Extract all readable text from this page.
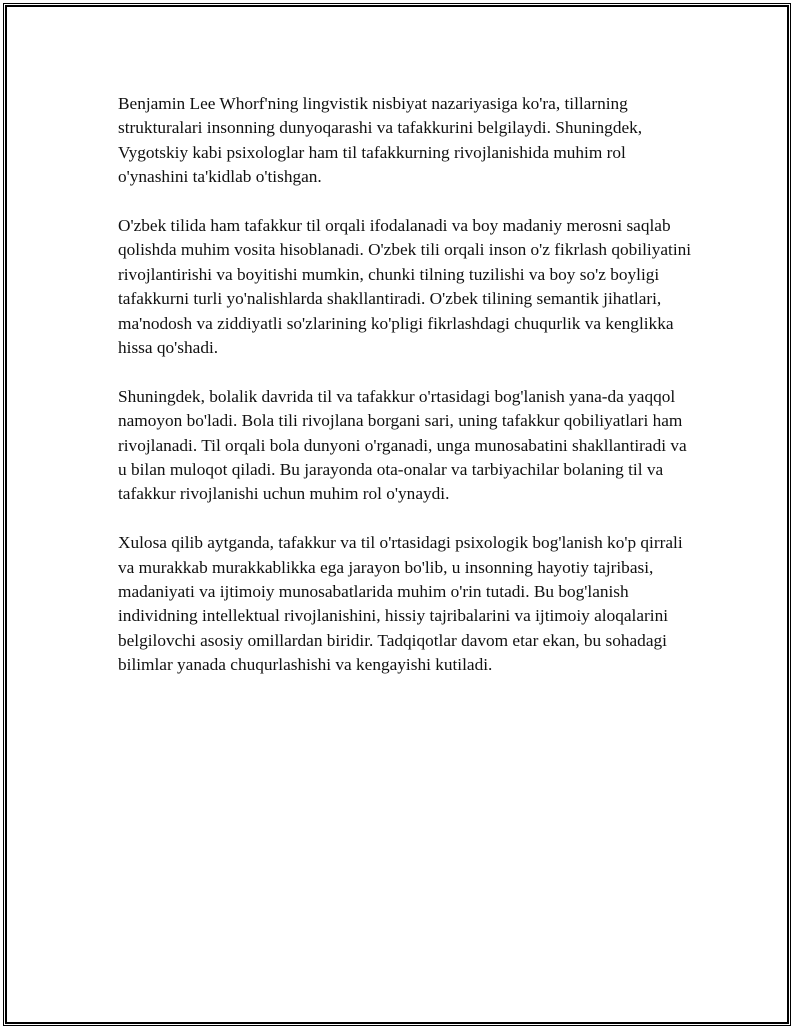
Benjamin Lee Whorf'ning lingvistik nisbiyat nazariyasiga ko'ra, tillarning strukturalari insonning dunyoqarashi va tafakkurini belgilaydi. Shuningdek, Vygotskiy kabi psixologlar ham til tafakkurning rivojlanishida muhim rol o'ynashini ta'kidlab o'tishgan.

O'zbek tilida ham tafakkur til orqali ifodalanadi va boy madaniy merosni saqlab qolishda muhim vosita hisoblanadi. O'zbek tili orqali inson o'z fikrlash qobiliyatini rivojlantirishi va boyitishi mumkin, chunki tilning tuzilishi va boy so'z boyligi tafakkurni turli yo'nalishlarda shakllantiradi. O'zbek tilining semantik jihatlari, ma'nodosh va ziddiyatli so'zlarining ko'pligi fikrlashdagi chuqurlik va kenglikka hissa qo'shadi.

Shuningdek, bolalik davrida til va tafakkur o'rtasidagi bog'lanish yana-da yaqqol namoyon bo'ladi. Bola tili rivojlana borgani sari, uning tafakkur qobiliyatlari ham rivojlanadi. Til orqali bola dunyoni o'rganadi, unga munosabatini shakllantiradi va u bilan muloqot qiladi. Bu jarayonda ota-onalar va tarbiyachilar bolaning til va tafakkur rivojlanishi uchun muhim rol o'ynaydi.

Xulosa qilib aytganda, tafakkur va til o'rtasidagi psixologik bog'lanish ko'p qirrali va murakkab murakkablikka ega jarayon bo'lib, u insonning hayotiy tajribasi, madaniyati va ijtimoiy munosabatlarida muhim o'rin tutadi. Bu bog'lanish individning intellektual rivojlanishini, hissiy tajribalarini va ijtimoiy aloqalarini belgilovchi asosiy omillardan biridir. Tadqiqotlar davom etar ekan, bu sohadagi bilimlar yanada chuqurlashishi va kengayishi kutiladi.
